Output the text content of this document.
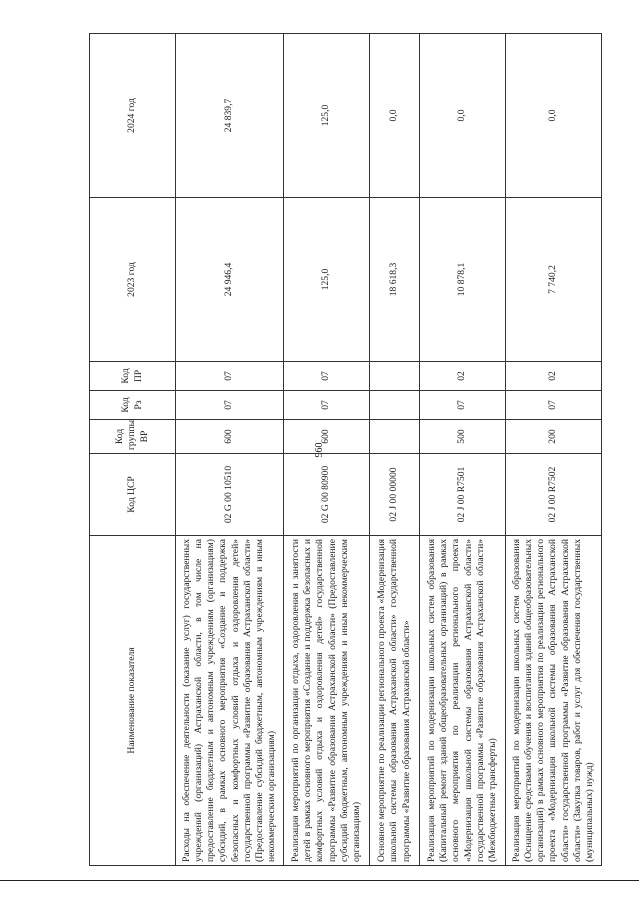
960
Наименование показателя	Код ЦСР	Код группы ВР	Код Рз	Код ПР	2023 год	2024 год
Расходы на обеспечение деятельности (оказание услуг) государственных учреждений (организаций) Астраханской области, в том числе на предоставление бюджетным и автономным учреждениям (организациям) субсидий, в рамках основного мероприятия «Создание и поддержка безопасных и комфортных условий отдыха и оздоровления детей» государственной программы «Развитие образования Астраханской области» (Предоставление субсидий бюджетным, автономным учреждениям и иным некоммерческим организациям)	02 G 00 10510	600	07	07	24 946,4	24 839,7
Реализация мероприятий по организации отдыха, оздоровления и занятости детей в рамках основного мероприятия «Создание и поддержка безопасных и комфортных условий отдыха и оздоровления детей» государственной программы «Развитие образования Астраханской области» (Предоставление субсидий бюджетным, автономным учреждениям и иным некоммерческим организациям)	02 G 00 80900	600	07	07	125,0	125,0
Основное мероприятие по реализации регионального проекта «Модернизация школьной системы образования Астраханской области» государственной программы «Развитие образования Астраханской области»	02 J 00 00000				18 618,3	0,0
Реализация мероприятий по модернизации школьных систем образования (Капитальный ремонт зданий общеобразовательных организаций) в рамках основного мероприятия по реализации регионального проекта «Модернизация школьной системы образования Астраханской области» государственной программы «Развитие образования Астраханской области» (Межбюджетные трансферты)	02 J 00 R7501	500	07	02	10 878,1	0,0
Реализация мероприятий по модернизации школьных систем образования (Оснащение средствами обучения и воспитания зданий общеобразовательных организаций) в рамках основного мероприятия по реализации регионального проекта «Модернизация школьной системы образования Астраханской области» государственной программы «Развитие образования Астраханской области» (Закупка товаров, работ и услуг для обеспечения государственных (муниципальных) нужд)	02 J 00 R7502	200	07	02	7 740,2	0,0
